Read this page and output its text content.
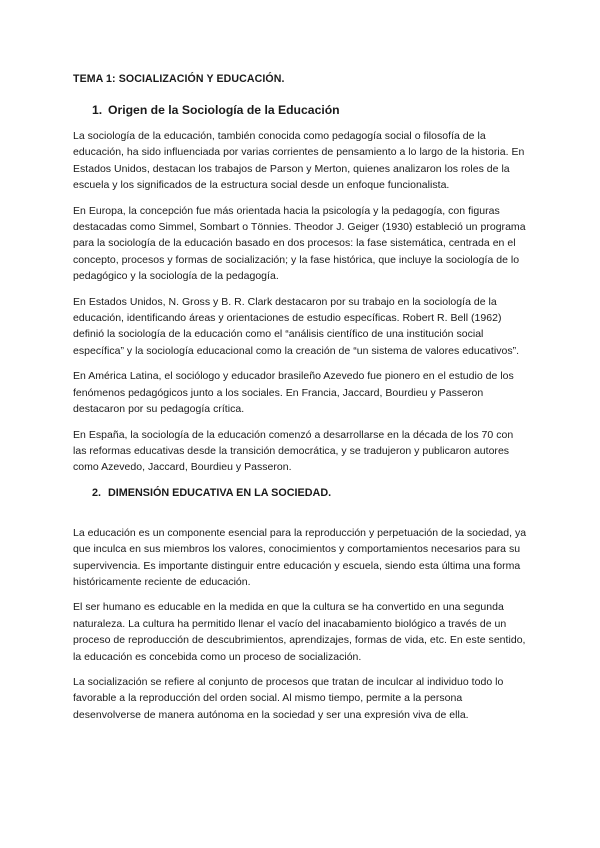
TEMA 1: SOCIALIZACIÓN Y EDUCACIÓN.
1. Origen de la Sociología de la Educación

La sociología de la educación, también conocida como pedagogía social o filosofía de la educación, ha sido influenciada por varias corrientes de pensamiento a lo largo de la historia. En Estados Unidos, destacan los trabajos de Parson y Merton, quienes analizaron los roles de la escuela y los significados de la estructura social desde un enfoque funcionalista.

En Europa, la concepción fue más orientada hacia la psicología y la pedagogía, con figuras destacadas como Simmel, Sombart o Tönnies. Theodor J. Geiger (1930) estableció un programa para la sociología de la educación basado en dos procesos: la fase sistemática, centrada en el concepto, procesos y formas de socialización; y la fase histórica, que incluye la sociología de lo pedagógico y la sociología de la pedagogía.

En Estados Unidos, N. Gross y B. R. Clark destacaron por su trabajo en la sociología de la educación, identificando áreas y orientaciones de estudio específicas. Robert R. Bell (1962) definió la sociología de la educación como el “análisis científico de una institución social específica” y la sociología educacional como la creación de “un sistema de valores educativos”.

En América Latina, el sociólogo y educador brasileño Azevedo fue pionero en el estudio de los fenómenos pedagógicos junto a los sociales. En Francia, Jaccard, Bourdieu y Passeron destacaron por su pedagogía crítica.

En España, la sociología de la educación comenzó a desarrollarse en la década de los 70 con las reformas educativas desde la transición democrática, y se tradujeron y publicaron autores como Azevedo, Jaccard, Bourdieu y Passeron.

2. DIMENSIÓN EDUCATIVA EN LA SOCIEDAD.

La educación es un componente esencial para la reproducción y perpetuación de la sociedad, ya que inculca en sus miembros los valores, conocimientos y comportamientos necesarios para su supervivencia. Es importante distinguir entre educación y escuela, siendo esta última una forma históricamente reciente de educación.

El ser humano es educable en la medida en que la cultura se ha convertido en una segunda naturaleza. La cultura ha permitido llenar el vacío del inacabamiento biológico a través de un proceso de reproducción de descubrimientos, aprendizajes, formas de vida, etc. En este sentido, la educación es concebida como un proceso de socialización.

La socialización se refiere al conjunto de procesos que tratan de inculcar al individuo todo lo favorable a la reproducción del orden social. Al mismo tiempo, permite a la persona desenvolverse de manera autónoma en la sociedad y ser una expresión viva de ella.
